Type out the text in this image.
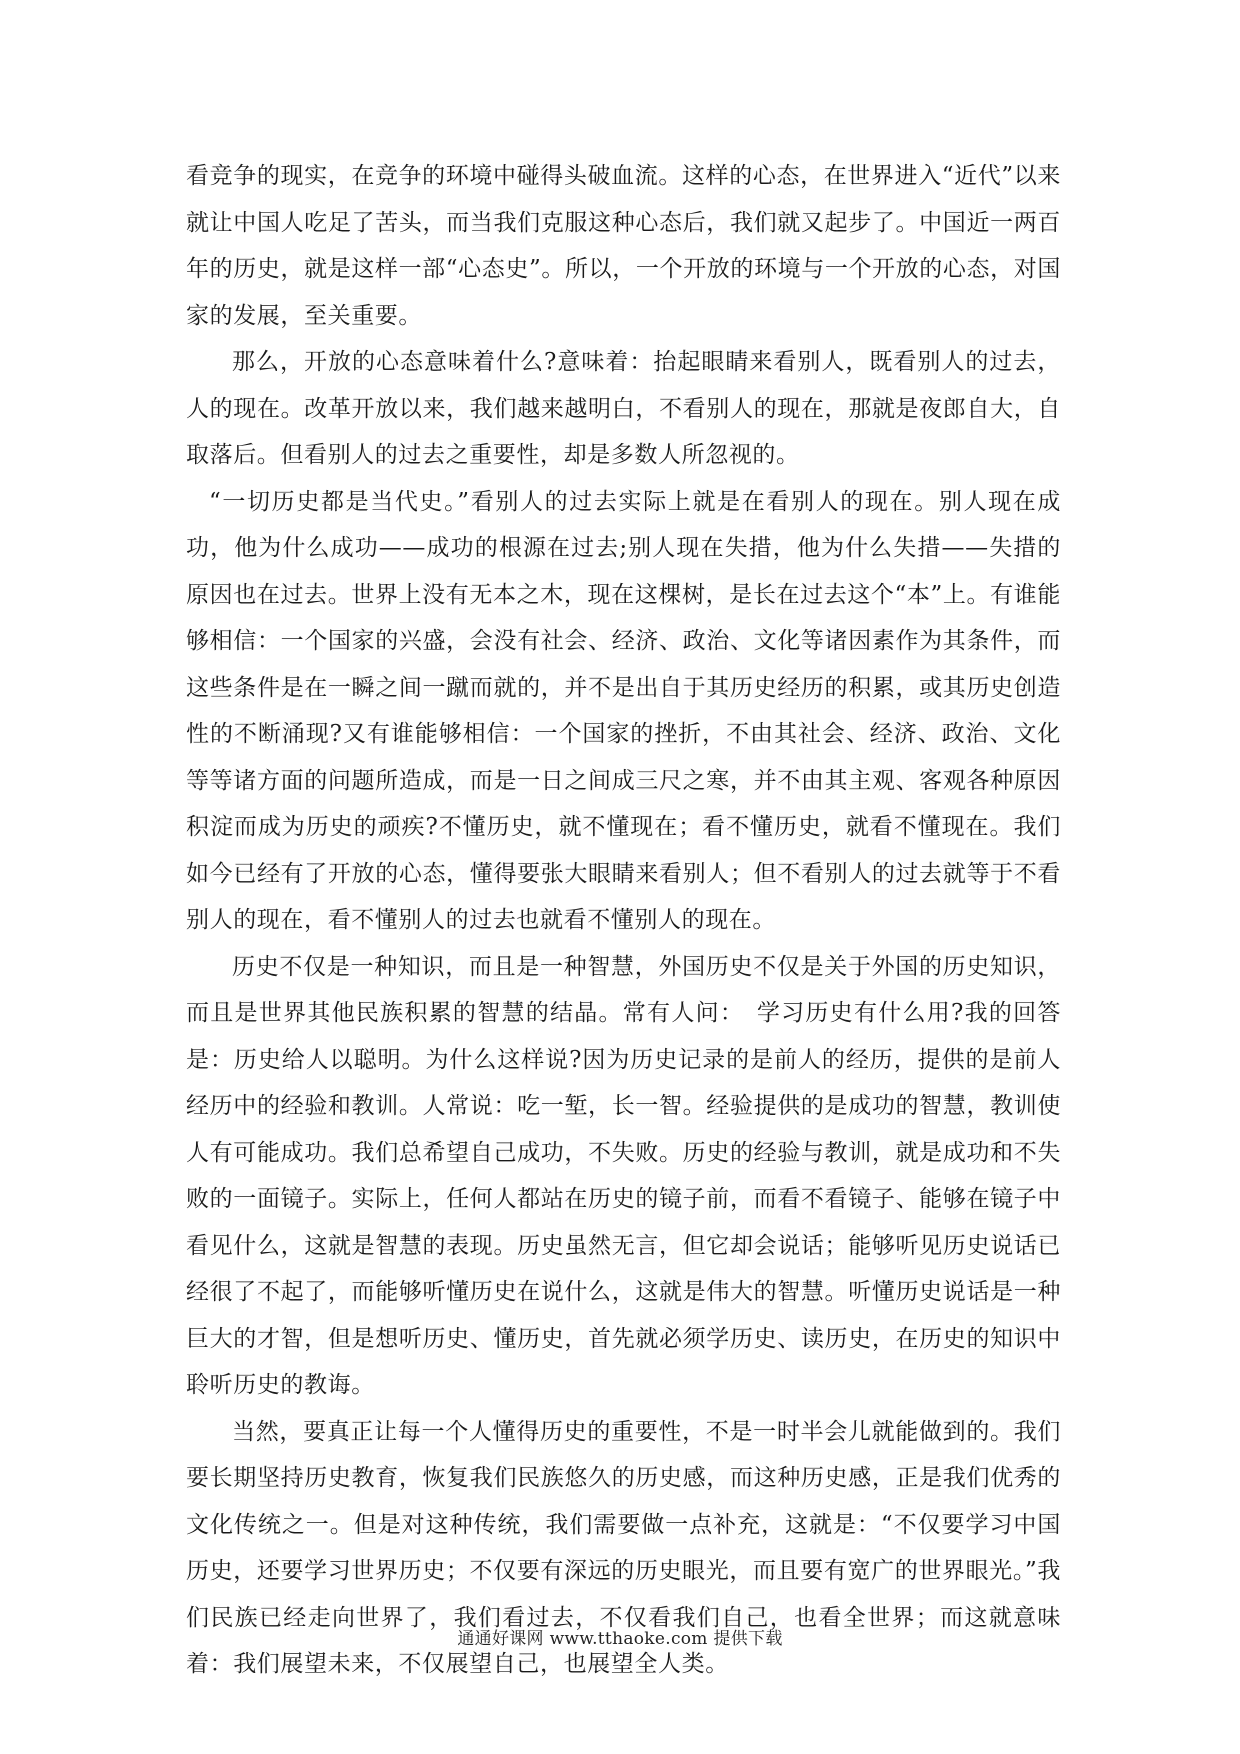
看竞争的现实，在竞争的环境中碰得头破血流。这样的心态，在世界进入“近代”以来就让中国人吃足了苦头，而当我们克服这种心态后，我们就又起步了。中国近一两百年的历史，就是这样一部“心态史”。所以，一个开放的环境与一个开放的心态，对国家的发展，至关重要。

那么，开放的心态意味着什么?意味着：抬起眼睛来看别人，既看别人的过去，人的现在。改革开放以来，我们越来越明白，不看别人的现在，那就是夜郎自大，自取落后。但看别人的过去之重要性，却是多数人所忽视的。

“一切历史都是当代史。”看别人的过去实际上就是在看别人的现在。别人现在成功，他为什么成功——成功的根源在过去;别人现在失措，他为什么失措——失措的原因也在过去。世界上没有无本之木，现在这棵树，是长在过去这个“本”上。有谁能够相信：一个国家的兴盛，会没有社会、经济、政治、文化等诸因素作为其条件，而这些条件是在一瞬之间一蹴而就的，并不是出自于其历史经历的积累，或其历史创造性的不断涌现?又有谁能够相信：一个国家的挫折，不由其社会、经济、政治、文化等等诸方面的问题所造成，而是一日之间成三尺之寒，并不由其主观、客观各种原因积淀而成为历史的顽疾?不懂历史，就不懂现在；看不懂历史，就看不懂现在。我们如今已经有了开放的心态，懂得要张大眼睛来看别人；但不看别人的过去就等于不看别人的现在，看不懂别人的过去也就看不懂别人的现在。

历史不仅是一种知识，而且是一种智慧，外国历史不仅是关于外国的历史知识，而且是世界其他民族积累的智慧的结晶。常有人问：　学习历史有什么用?我的回答是：历史给人以聪明。为什么这样说?因为历史记录的是前人的经历，提供的是前人经历中的经验和教训。人常说：吃一堑，长一智。经验提供的是成功的智慧，教训使人有可能成功。我们总希望自己成功，不失败。历史的经验与教训，就是成功和不失败的一面镜子。实际上，任何人都站在历史的镜子前，而看不看镜子、能够在镜子中看见什么，这就是智慧的表现。历史虽然无言，但它却会说话；能够听见历史说话已经很了不起了，而能够听懂历史在说什么，这就是伟大的智慧。听懂历史说话是一种巨大的才智，但是想听历史、懂历史，首先就必须学历史、读历史，在历史的知识中聆听历史的教诲。

当然，要真正让每一个人懂得历史的重要性，不是一时半会儿就能做到的。我们要长期坚持历史教育，恢复我们民族悠久的历史感，而这种历史感，正是我们优秀的文化传统之一。但是对这种传统，我们需要做一点补充，这就是：“不仅要学习中国历史，还要学习世界历史；不仅要有深远的历史眼光，而且要有宽广的世界眼光。”我们民族已经走向世界了，我们看过去，不仅看我们自己，也看全世界；而这就意味着：我们展望未来，不仅展望自己，也展望全人类。

通通好课网 www.tthaoke.com 提供下载
